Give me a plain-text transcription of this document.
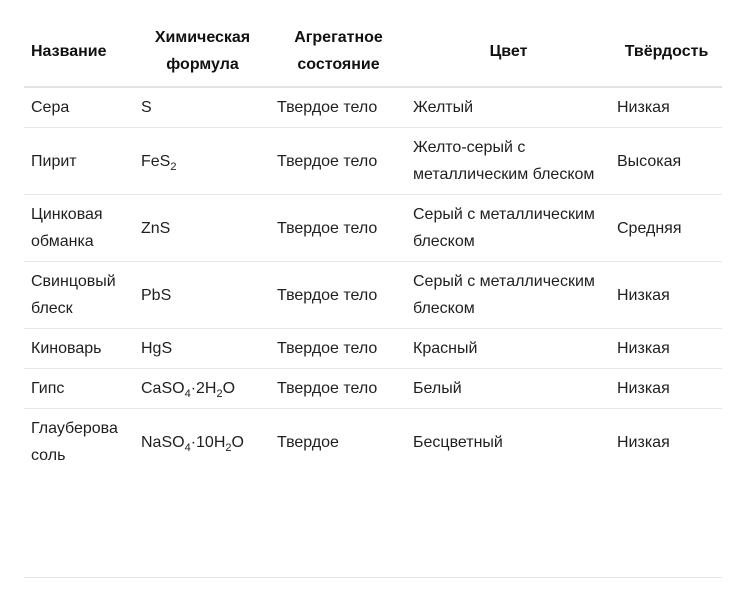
Название	Химическая формула	Агрегатное состояние	Цвет	Твёрдость
Сера	S	Твердое тело	Желтый	Низкая
Пирит	FeS$_2$	Твердое тело	Желто-серый с металлическим блеском	Высокая
Цинковая обманка	ZnS	Твердое тело	Серый с металлическим блеском	Средняя
Свинцовый блеск	PbS	Твердое тело	Серый с металлическим блеском	Низкая
Киноварь	HgS	Твердое тело	Красный	Низкая
Гипс	$CaSO_4\cdot 2H_2O$	Твердое тело	Белый	Низкая
Глауберова соль	$NaSO_4\cdot 10H_2O$	Твердое	Бесцветный	Низкая
